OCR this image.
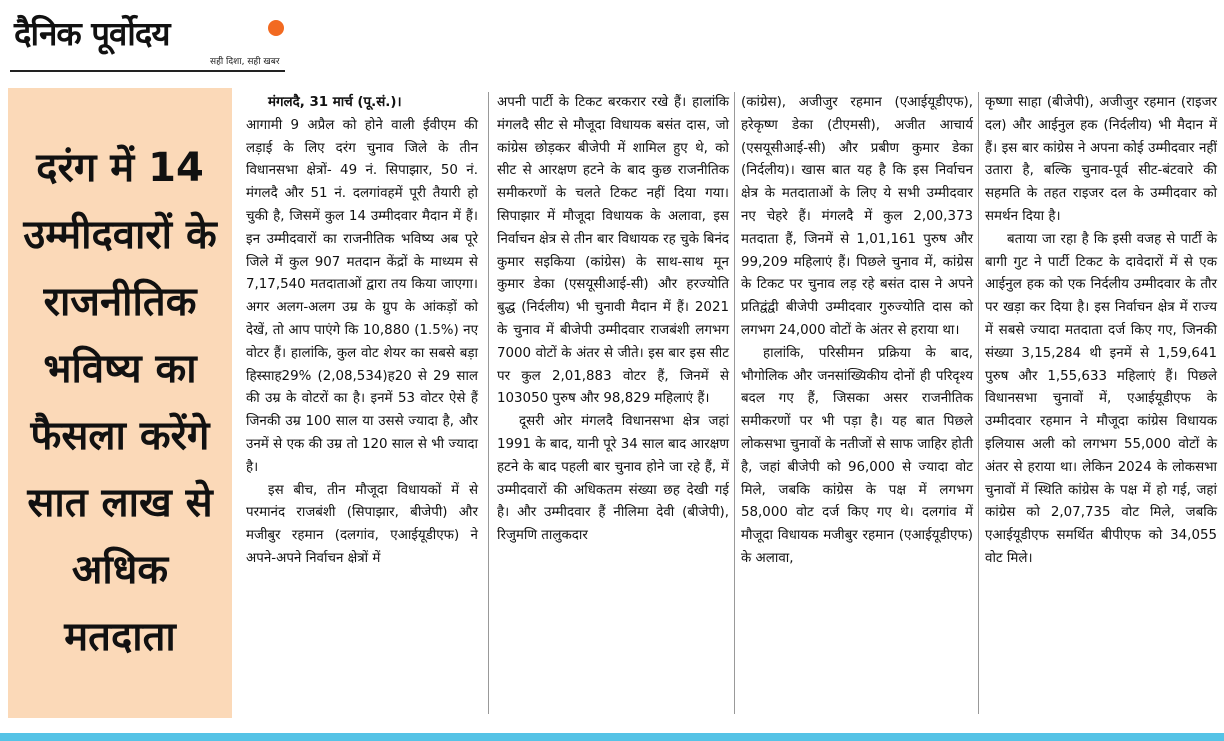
दैनिक पूर्वोदय
सही दिशा, सही खबर
दरंग में 14 उम्मीदवारों के राजनीतिक भविष्य का फैसला करेंगे सात लाख से अधिक मतदाता

मंगलदै, 31 मार्च (पू.सं.)।

आगामी 9 अप्रैल को होने वाली ईवीएम की लड़ाई के लिए दरंग चुनाव जिले के तीन विधानसभा क्षेत्रों- 49 नं. सिपाझार, 50 नं. मंगलदै और 51 नं. दलगांवहमें पूरी तैयारी हो चुकी है, जिसमें कुल 14 उम्मीदवार मैदान में हैं। इन उम्मीदवारों का राजनीतिक भविष्य अब पूरे जिले में कुल 907 मतदान केंद्रों के माध्यम से 7,17,540 मतदाताओं द्वारा तय किया जाएगा। अगर अलग-अलग उम्र के ग्रुप के आंकड़ों को देखें, तो आप पाएंगे कि 10,880 (1.5%) नए वोटर हैं। हालांकि, कुल वोट शेयर का सबसे बड़ा हिस्साह29% (2,08,534)ह20 से 29 साल की उम्र के वोटरों का है। इनमें 53 वोटर ऐसे हैं जिनकी उम्र 100 साल या उससे ज्यादा है, और उनमें से एक की उम्र तो 120 साल से भी ज्यादा है।

इस बीच, तीन मौजूदा विधायकों में से परमानंद राजबंशी (सिपाझार, बीजेपी) और मजीबुर रहमान (दलगांव, एआईयूडीएफ) ने अपने-अपने निर्वाचन क्षेत्रों में

अपनी पार्टी के टिकट बरकरार रखे हैं। हालांकि मंगलदै सीट से मौजूदा विधायक बसंत दास, जो कांग्रेस छोड़कर बीजेपी में शामिल हुए थे, को सीट से आरक्षण हटने के बाद कुछ राजनीतिक समीकरणों के चलते टिकट नहीं दिया गया। सिपाझार में मौजूदा विधायक के अलावा, इस निर्वाचन क्षेत्र से तीन बार विधायक रह चुके बिनंद कुमार सइकिया (कांग्रेस) के साथ-साथ मून कुमार डेका (एसयूसीआई-सी) और हरज्योति बुद्ध (निर्दलीय) भी चुनावी मैदान में हैं। 2021 के चुनाव में बीजेपी उम्मीदवार राजबंशी लगभग 7000 वोटों के अंतर से जीते। इस बार इस सीट पर कुल 2,01,883 वोटर हैं, जिनमें से 103050 पुरुष और 98,829 महिलाएं हैं।

दूसरी ओर मंगलदै विधानसभा क्षेत्र जहां 1991 के बाद, यानी पूरे 34 साल बाद आरक्षण हटने के बाद पहली बार चुनाव होने जा रहे हैं, में उम्मीदवारों की अधिकतम संख्या छह देखी गई है। और उम्मीदवार हैं नीलिमा देवी (बीजेपी), रिजुमणि तालुकदार

(कांग्रेस), अजीजुर रहमान (एआईयूडीएफ), हरेकृष्ण डेका (टीएमसी), अजीत आचार्य (एसयूसीआई-सी) और प्रबीण कुमार डेका (निर्दलीय)। खास बात यह है कि इस निर्वाचन क्षेत्र के मतदाताओं के लिए ये सभी उम्मीदवार नए चेहरे हैं। मंगलदै में कुल 2,00,373 मतदाता हैं, जिनमें से 1,01,161 पुरुष और 99,209 महिलाएं हैं। पिछले चुनाव में, कांग्रेस के टिकट पर चुनाव लड़ रहे बसंत दास ने अपने प्रतिद्वंद्वी बीजेपी उम्मीदवार गुरुज्योति दास को लगभग 24,000 वोटों के अंतर से हराया था।

हालांकि, परिसीमन प्रक्रिया के बाद, भौगोलिक और जनसांख्यिकीय दोनों ही परिदृश्य बदल गए हैं, जिसका असर राजनीतिक समीकरणों पर भी पड़ा है। यह बात पिछले लोकसभा चुनावों के नतीजों से साफ जाहिर होती है, जहां बीजेपी को 96,000 से ज्यादा वोट मिले, जबकि कांग्रेस के पक्ष में लगभग 58,000 वोट दर्ज किए गए थे। दलगांव में मौजूदा विधायक मजीबुर रहमान (एआईयूडीएफ) के अलावा,

कृष्णा साहा (बीजेपी), अजीजुर रहमान (राइजर दल) और आईनुल हक (निर्दलीय) भी मैदान में हैं। इस बार कांग्रेस ने अपना कोई उम्मीदवार नहीं उतारा है, बल्कि चुनाव-पूर्व सीट-बंटवारे की सहमति के तहत राइजर दल के उम्मीदवार को समर्थन दिया है।

बताया जा रहा है कि इसी वजह से पार्टी के बागी गुट ने पार्टी टिकट के दावेदारों में से एक आईनुल हक को एक निर्दलीय उम्मीदवार के तौर पर खड़ा कर दिया है। इस निर्वाचन क्षेत्र में राज्य में सबसे ज्यादा मतदाता दर्ज किए गए, जिनकी संख्या 3,15,284 थी इनमें से 1,59,641 पुरुष और 1,55,633 महिलाएं हैं। पिछले विधानसभा चुनावों में, एआईयूडीएफ के उम्मीदवार रहमान ने मौजूदा कांग्रेस विधायक इलियास अली को लगभग 55,000 वोटों के अंतर से हराया था। लेकिन 2024 के लोकसभा चुनावों में स्थिति कांग्रेस के पक्ष में हो गई, जहां कांग्रेस को 2,07,735 वोट मिले, जबकि एआईयूडीएफ समर्थित बीपीएफ को 34,055 वोट मिले।
